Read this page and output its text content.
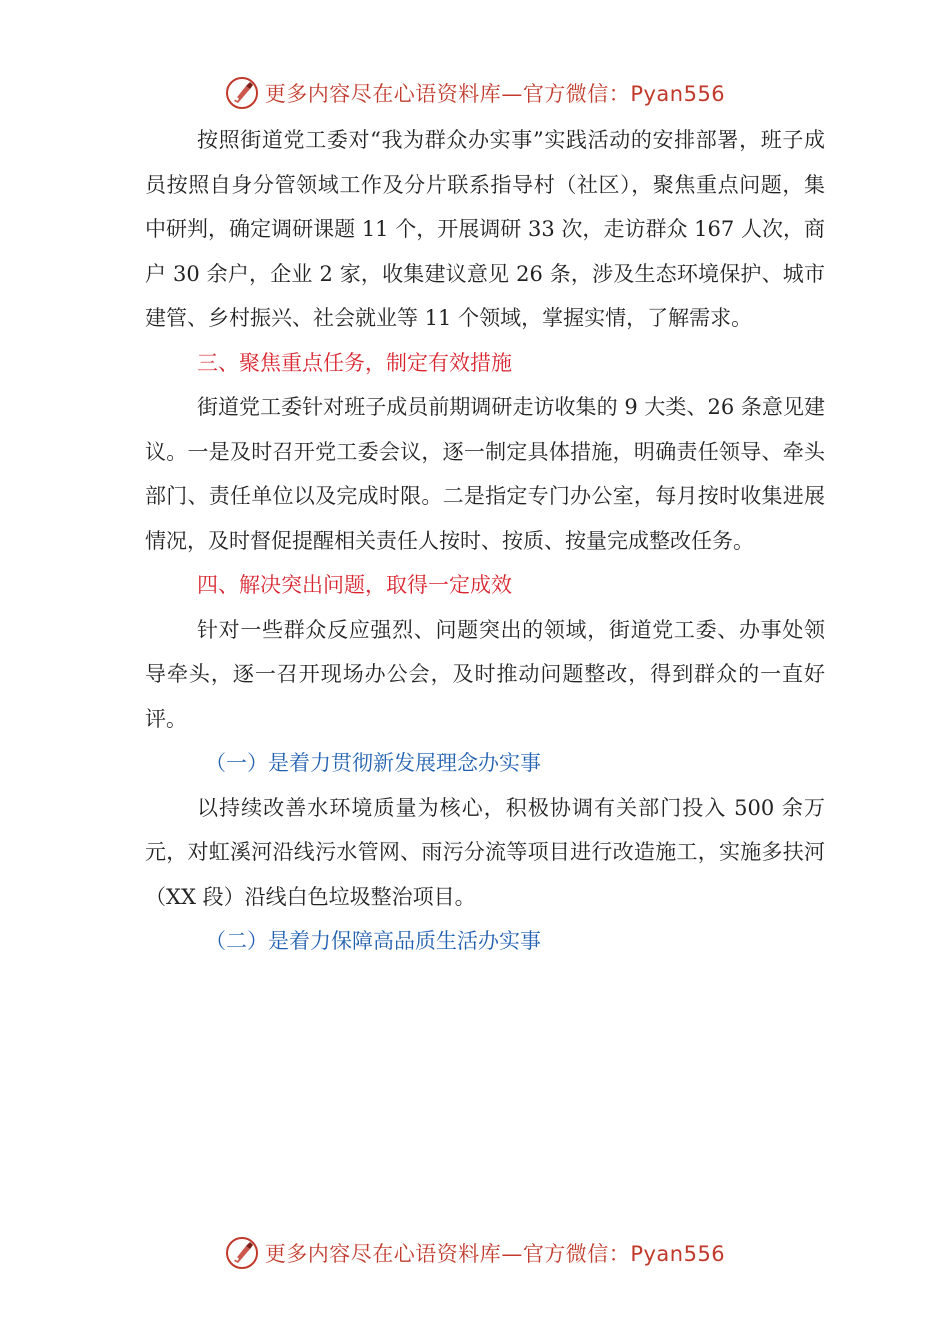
更多内容尽在心语资料库—官方微信：Pyan556

按照街道党工委对“我为群众办实事”实践活动的安排部署，班子成员按照自身分管领域工作及分片联系指导村（社区），聚焦重点问题，集中研判，确定调研课题 11 个，开展调研 33 次，走访群众 167 人次，商户 30 余户，企业 2 家，收集建议意见 26 条，涉及生态环境保护、城市建管、乡村振兴、社会就业等 11 个领域，掌握实情，了解需求。

三、聚焦重点任务，制定有效措施

街道党工委针对班子成员前期调研走访收集的 9 大类、26 条意见建议。一是及时召开党工委会议，逐一制定具体措施，明确责任领导、牵头部门、责任单位以及完成时限。二是指定专门办公室，每月按时收集进展情况，及时督促提醒相关责任人按时、按质、按量完成整改任务。

四、解决突出问题，取得一定成效

针对一些群众反应强烈、问题突出的领域，街道党工委、办事处领导牵头，逐一召开现场办公会，及时推动问题整改，得到群众的一直好评。

（一）是着力贯彻新发展理念办实事

以持续改善水环境质量为核心，积极协调有关部门投入 500 余万元，对虹溪河沿线污水管网、雨污分流等项目进行改造施工，实施多扶河（XX 段）沿线白色垃圾整治项目。

（二）是着力保障高品质生活办实事

更多内容尽在心语资料库—官方微信：Pyan556
